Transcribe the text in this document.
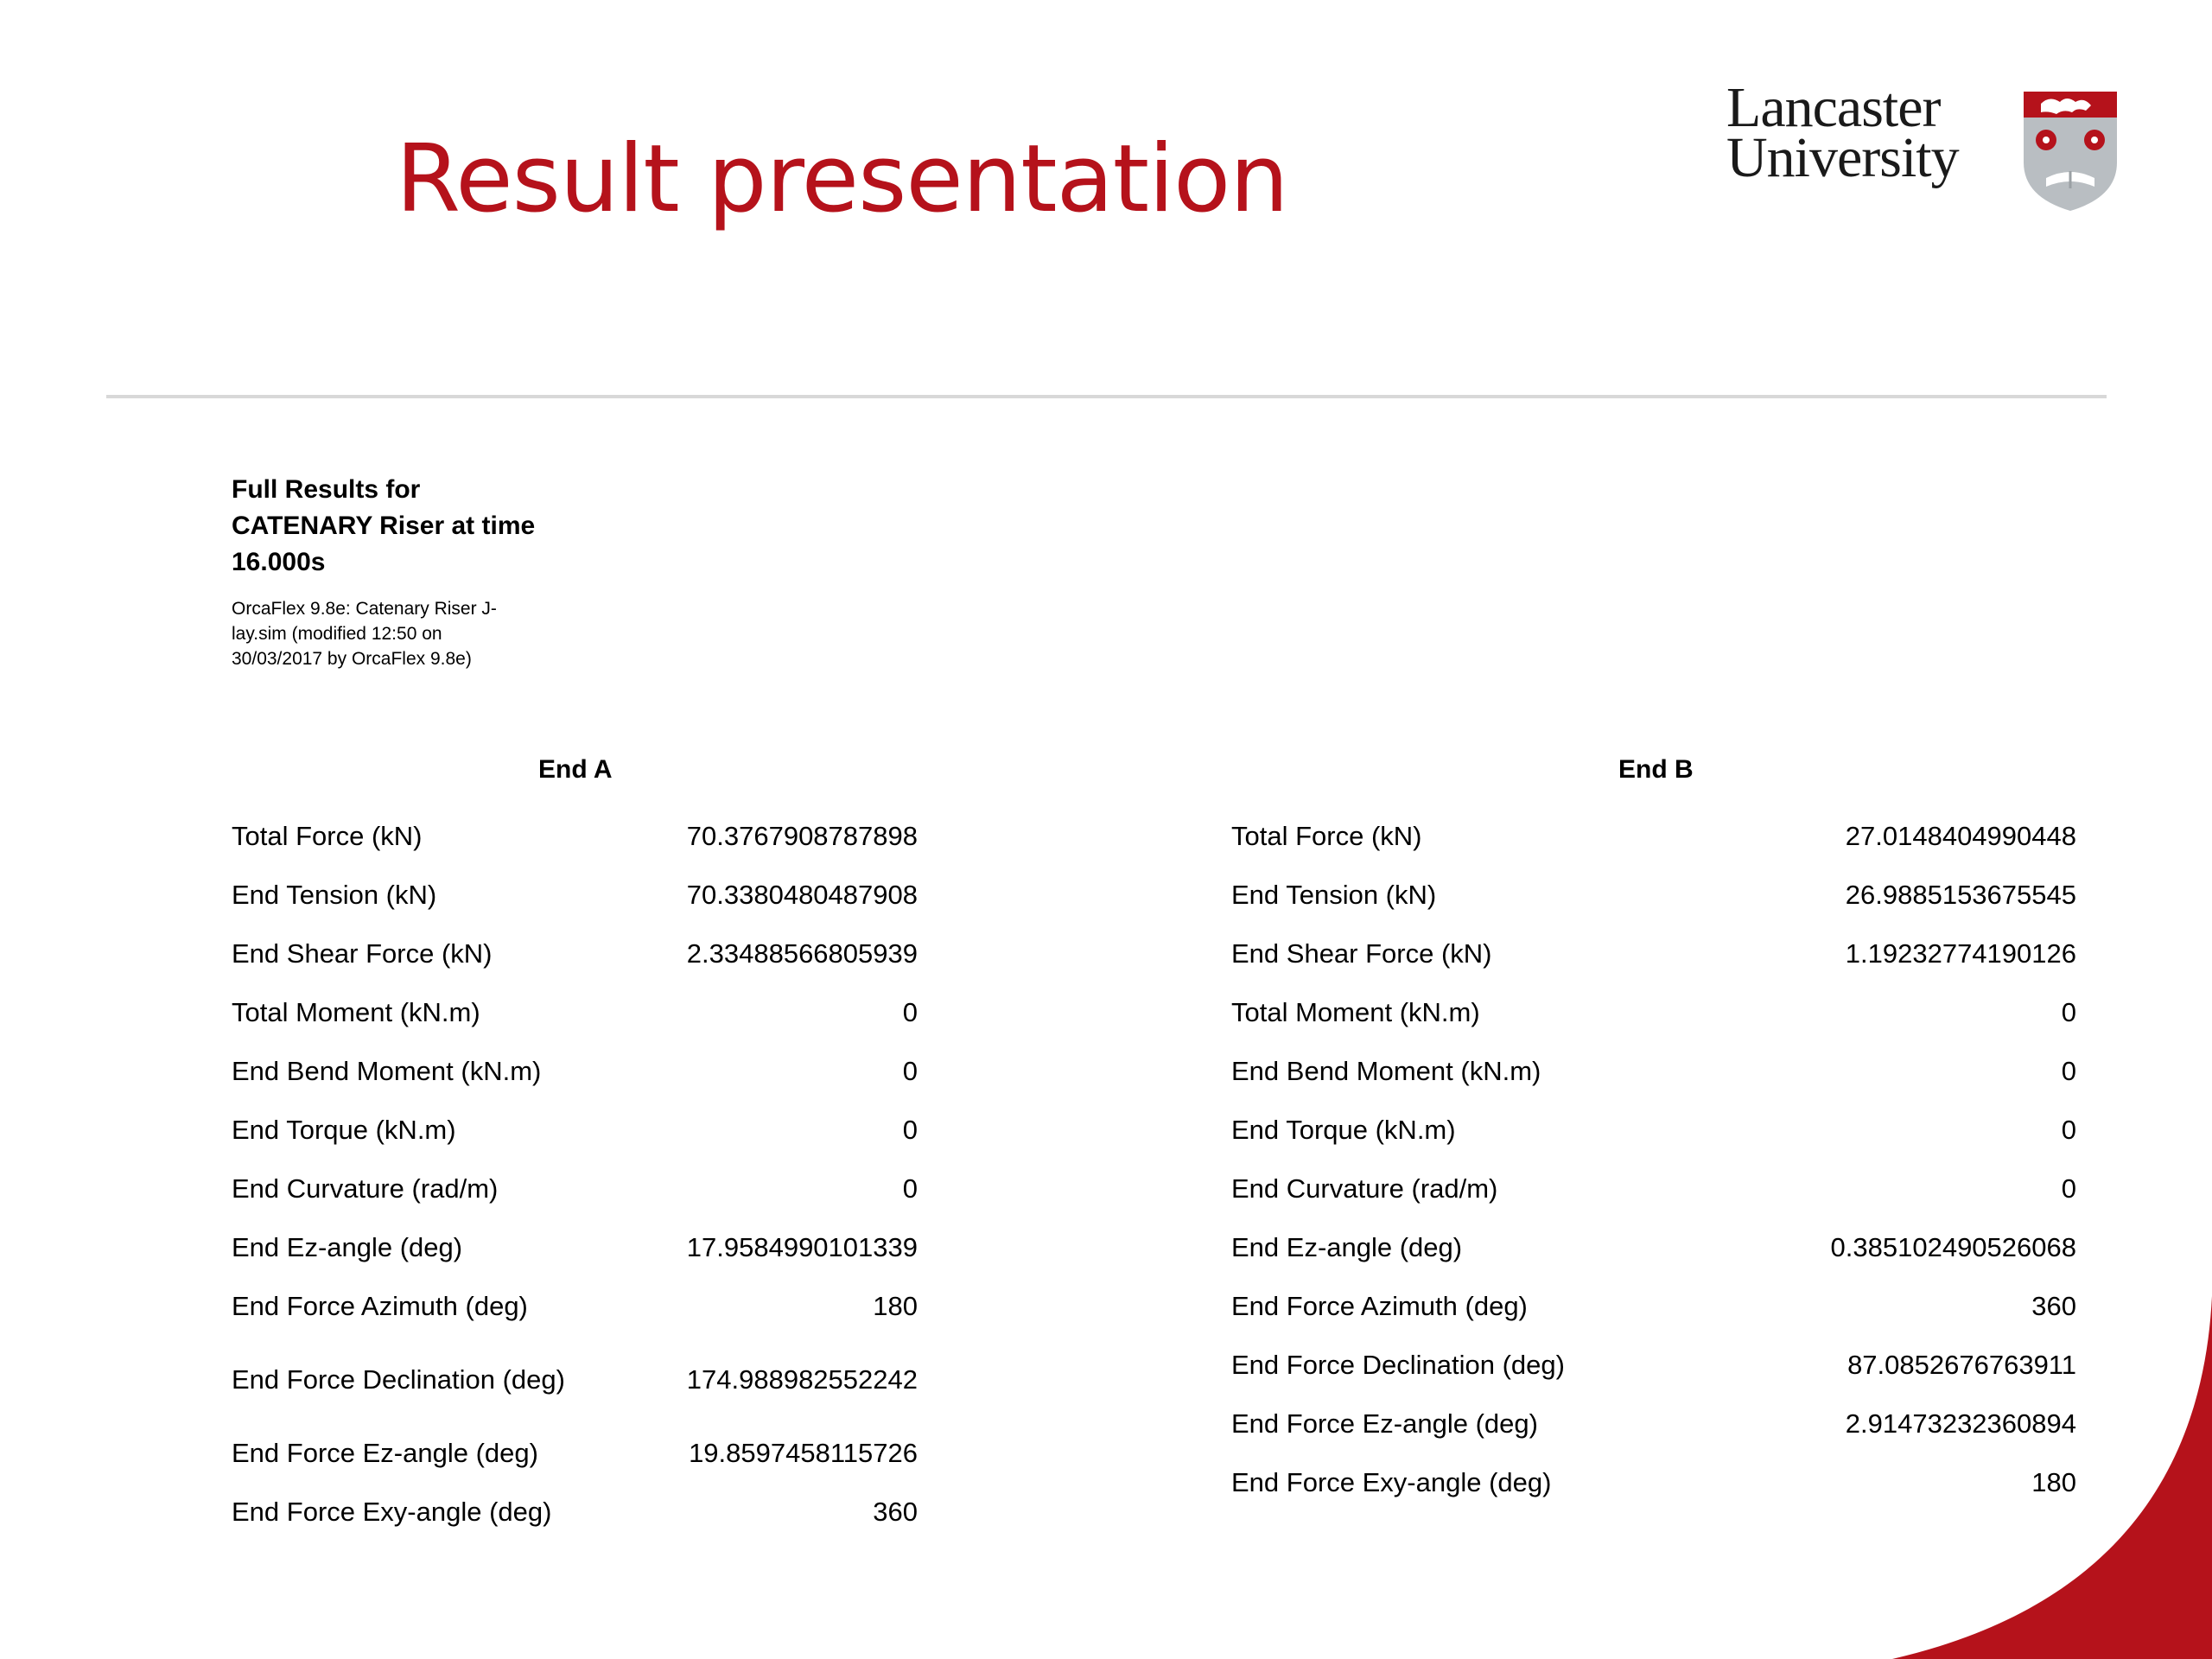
Result presentation
Lancaster
University
Full Results for CATENARY Riser at time 16.000s
OrcaFlex 9.8e: Catenary Riser J-lay.sim (modified 12:50 on 30/03/2017 by OrcaFlex 9.8e)
End A
Total Force (kN)	70.3767908787898
End Tension (kN)	70.3380480487908
End Shear Force (kN)	2.33488566805939
Total Moment (kN.m)	0
End Bend Moment (kN.m)	0
End Torque (kN.m)	0
End Curvature (rad/m)	0
End Ez-angle (deg)	17.9584990101339
End Force Azimuth (deg)	180
End Force Declination (deg)	174.988982552242
End Force Ez-angle (deg)	19.8597458115726
End Force Exy-angle (deg)	360
End B
Total Force (kN)	27.0148404990448
End Tension (kN)	26.9885153675545
End Shear Force (kN)	1.19232774190126
Total Moment (kN.m)	0
End Bend Moment (kN.m)	0
End Torque (kN.m)	0
End Curvature (rad/m)	0
End Ez-angle (deg)	0.385102490526068
End Force Azimuth (deg)	360
End Force Declination (deg)	87.0852676763911
End Force Ez-angle (deg)	2.91473232360894
End Force Exy-angle (deg)	180
